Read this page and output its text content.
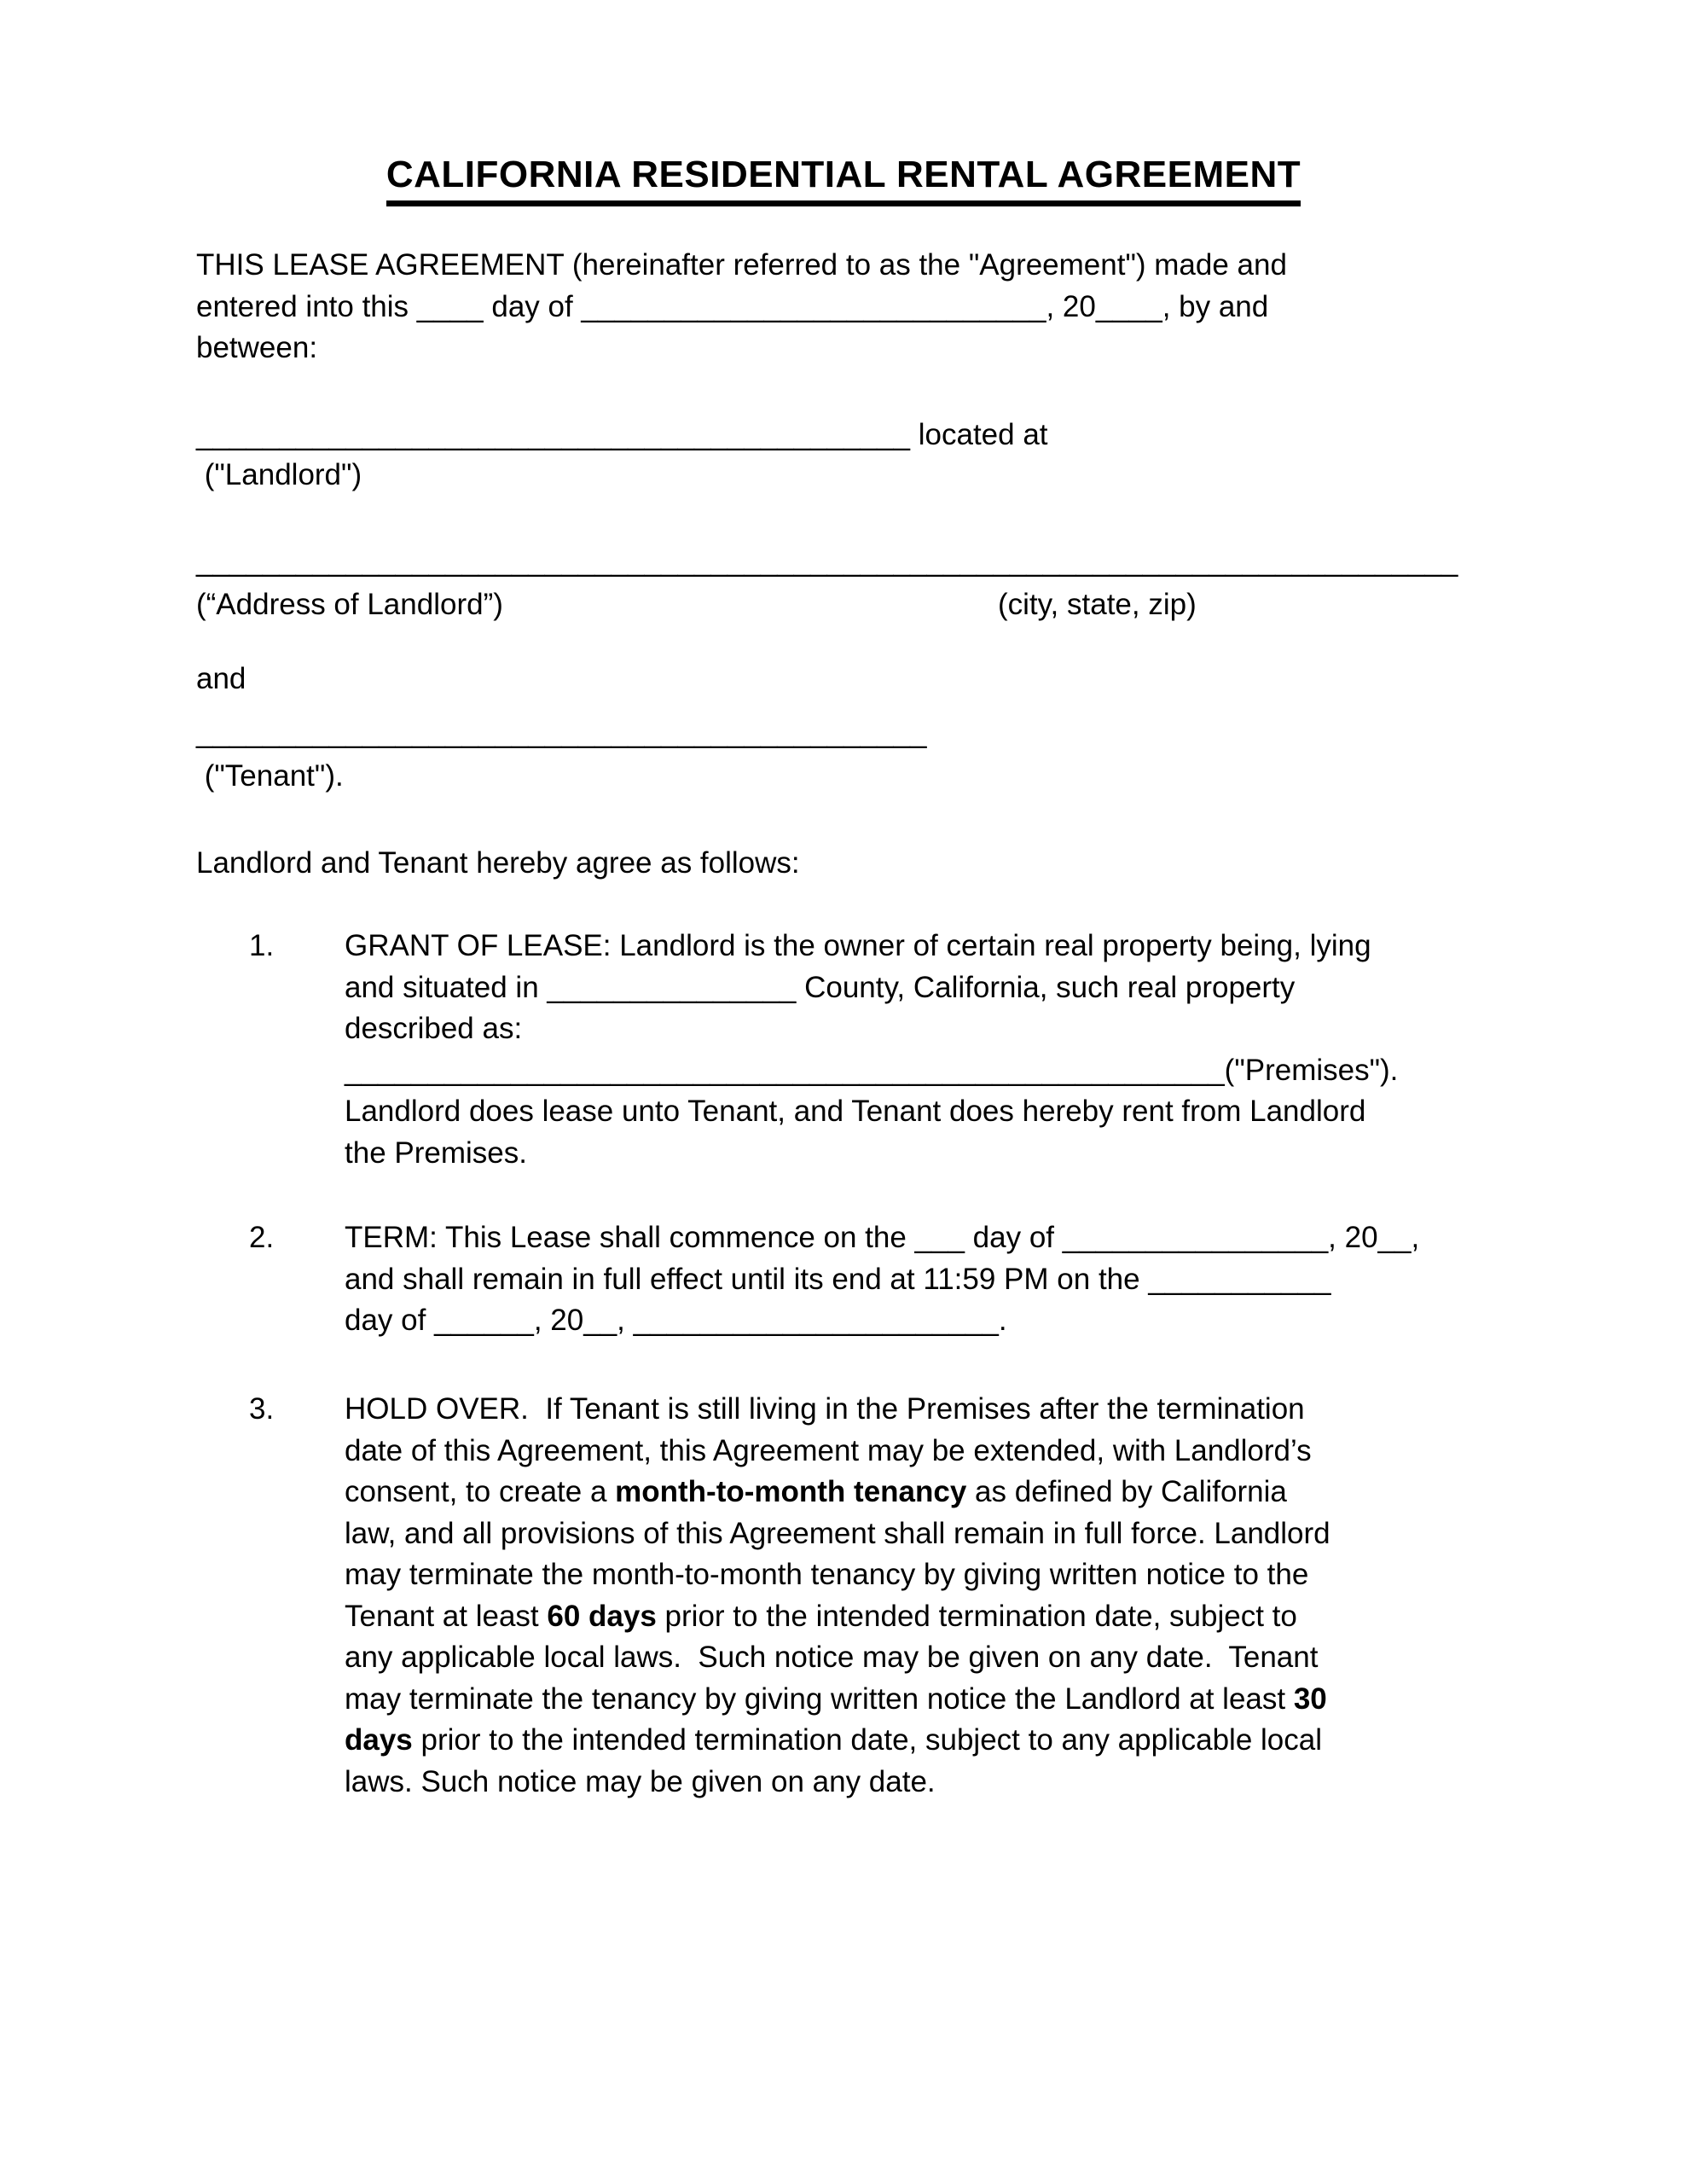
CALIFORNIA RESIDENTIAL RENTAL AGREEMENT
THIS LEASE AGREEMENT (hereinafter referred to as the "Agreement") made and
entered into this ____ day of ____________________________, 20____, by and
between:
___________________________________________ located at
("Landlord")
____________________________________________________________________________
(“Address of Landlord”)	(city, state, zip)
and
____________________________________________
("Tenant").
Landlord and Tenant hereby agree as follows:
1. GRANT OF LEASE: Landlord is the owner of certain real property being, lying
and situated in _______________ County, California, such real property
described as:
_____________________________________________________("Premises").
Landlord does lease unto Tenant, and Tenant does hereby rent from Landlord
the Premises.
2. TERM: This Lease shall commence on the ___ day of ________________, 20__,
and shall remain in full effect until its end at 11:59 PM on the ___________
day of ______, 20__, ______________________.
3. HOLD OVER.  If Tenant is still living in the Premises after the termination
date of this Agreement, this Agreement may be extended, with Landlord’s
consent, to create a month-to-month tenancy as defined by California
law, and all provisions of this Agreement shall remain in full force. Landlord
may terminate the month-to-month tenancy by giving written notice to the
Tenant at least 60 days prior to the intended termination date, subject to
any applicable local laws.  Such notice may be given on any date.  Tenant
may terminate the tenancy by giving written notice the Landlord at least 30
days prior to the intended termination date, subject to any applicable local
laws. Such notice may be given on any date.
